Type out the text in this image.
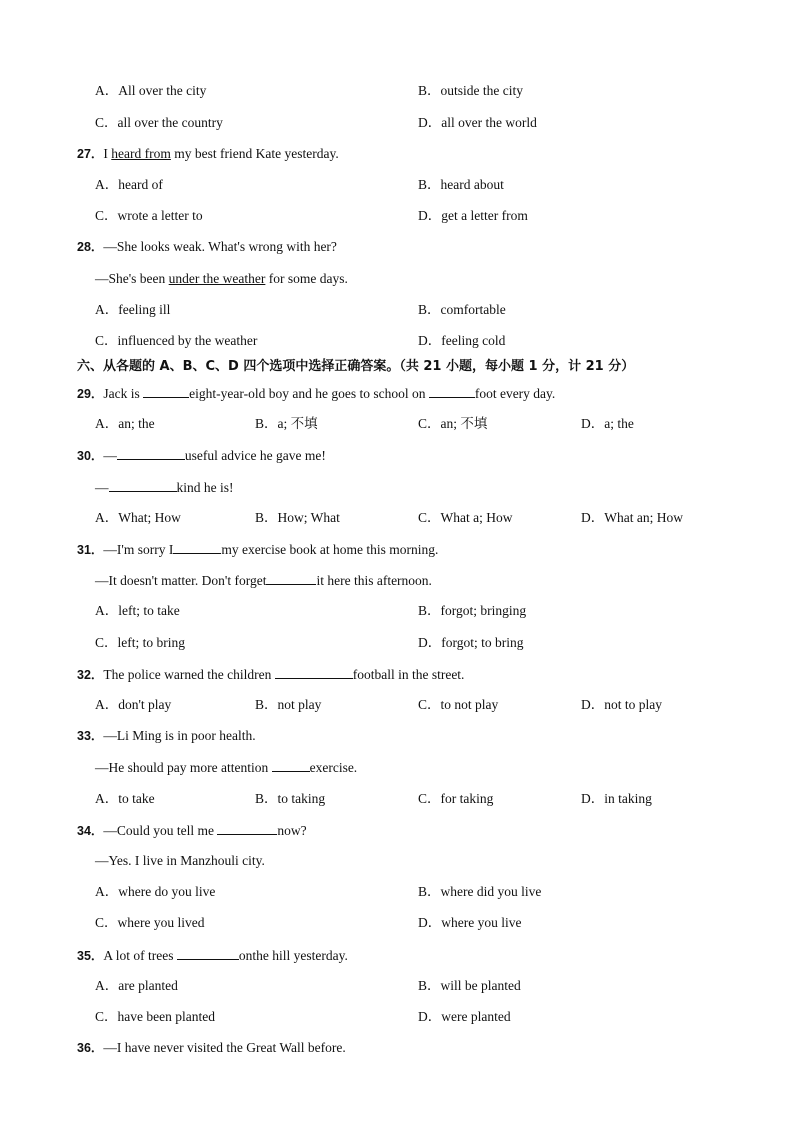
A．All over the city	B．outside the city
C．all over the country	D．all over the world
27．I heard from my best friend Kate yesterday.
A．heard of	B．heard about
C．wrote a letter to	D．get a letter from
28．—She looks weak. What's wrong with her?
—She's been under the weather for some days.
A．feeling ill	B．comfortable
C．influenced by the weather	D．feeling cold
六、从各题的 A、B、C、D 四个选项中选择正确答案。（共 21 小题，每小题 1 分，计 21 分）
29．Jack is	eight-year-old boy and he goes to school on	foot every day.
A．an; the	B．a; 不填	C．an; 不填	D．a; the
30．—	useful advice he gave me!
—	kind he is!
A．What; How	B．How; What	C．What a; How	D．What an; How
31．—I'm sorry I	my exercise book at home this morning.
—It doesn't matter. Don't forget	it here this afternoon.
A．left; to take	B．forgot; bringing
C．left; to bring	D．forgot; to bring
32．The police warned the children	football in the street.
A．don't play	B．not play	C．to not play	D．not to play
33．—Li Ming is in poor health.
—He should pay more attention	exercise.
A．to take	B．to taking	C．for taking	D．in taking
34．—Could you tell me	now?
—Yes. I live in Manzhouli city.
A．where do you live	B．where did you live
C．where you lived	D．where you live
35．A lot of trees	onthe hill yesterday.
A．are planted	B．will be planted
C．have been planted	D．were planted
36．—I have never visited the Great Wall before.
